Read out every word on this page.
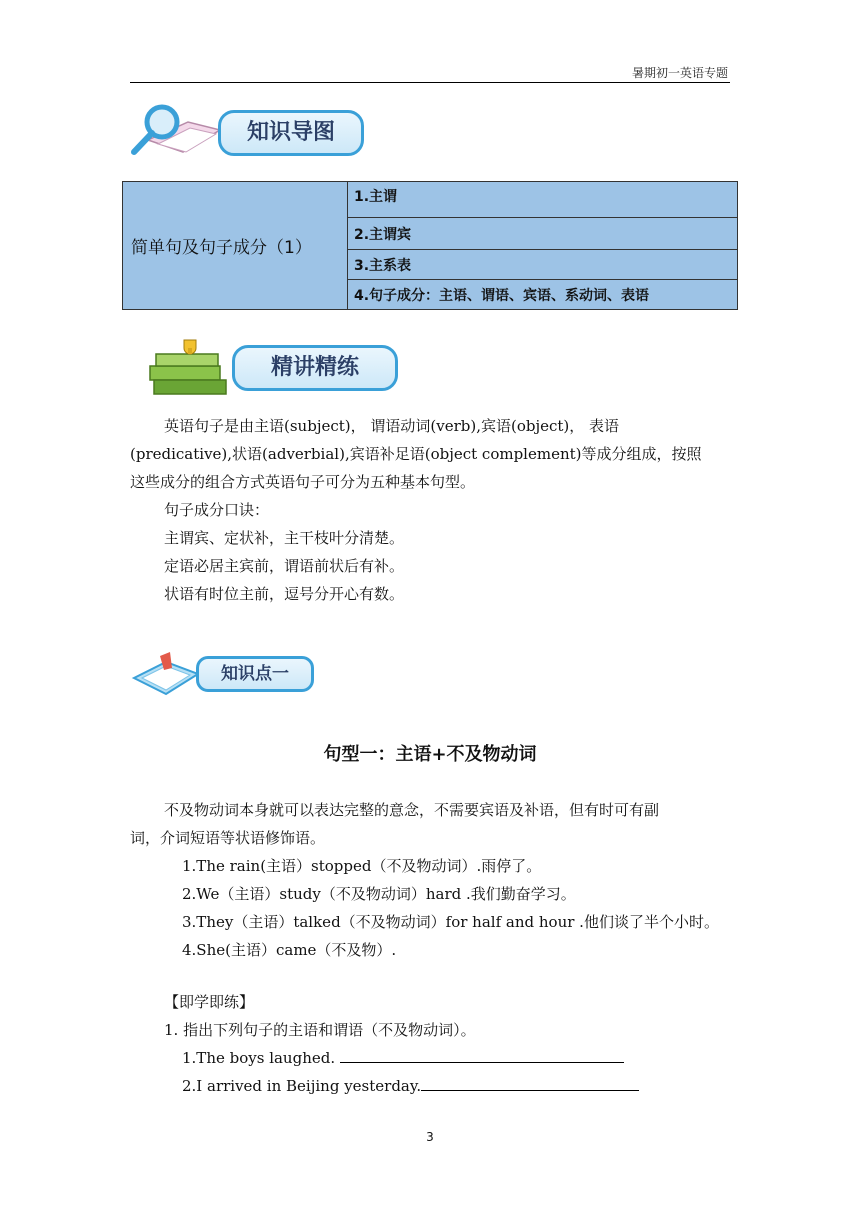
暑期初一英语专题
知识导图
简单句及句子成分（1）	1.主谓
2.主谓宾
3.主系表
4.句子成分：主语、谓语、宾语、系动词、表语
精讲精练
英语句子是由主语(subject)， 谓语动词(verb),宾语(object)， 表语
(predicative),状语(adverbial),宾语补足语(object complement)等成分组成，按照
这些成分的组合方式英语句子可分为五种基本句型。
句子成分口诀：
主谓宾、定状补，主干枝叶分清楚。
定语必居主宾前，谓语前状后有补。
状语有时位主前，逗号分开心有数。
知识点一
句型一：主语+不及物动词
不及物动词本身就可以表达完整的意念，不需要宾语及补语，但有时可有副
词，介词短语等状语修饰语。
1.The rain(主语）stopped（不及物动词）.雨停了。
2.We（主语）study（不及物动词）hard .我们勤奋学习。
3.They（主语）talked（不及物动词）for half and hour .他们谈了半个小时。
4.She(主语）came（不及物）.
【即学即练】
1. 指出下列句子的主语和谓语（不及物动词）。
1.The boys laughed.
2.I arrived in Beijing yesterday.
3
